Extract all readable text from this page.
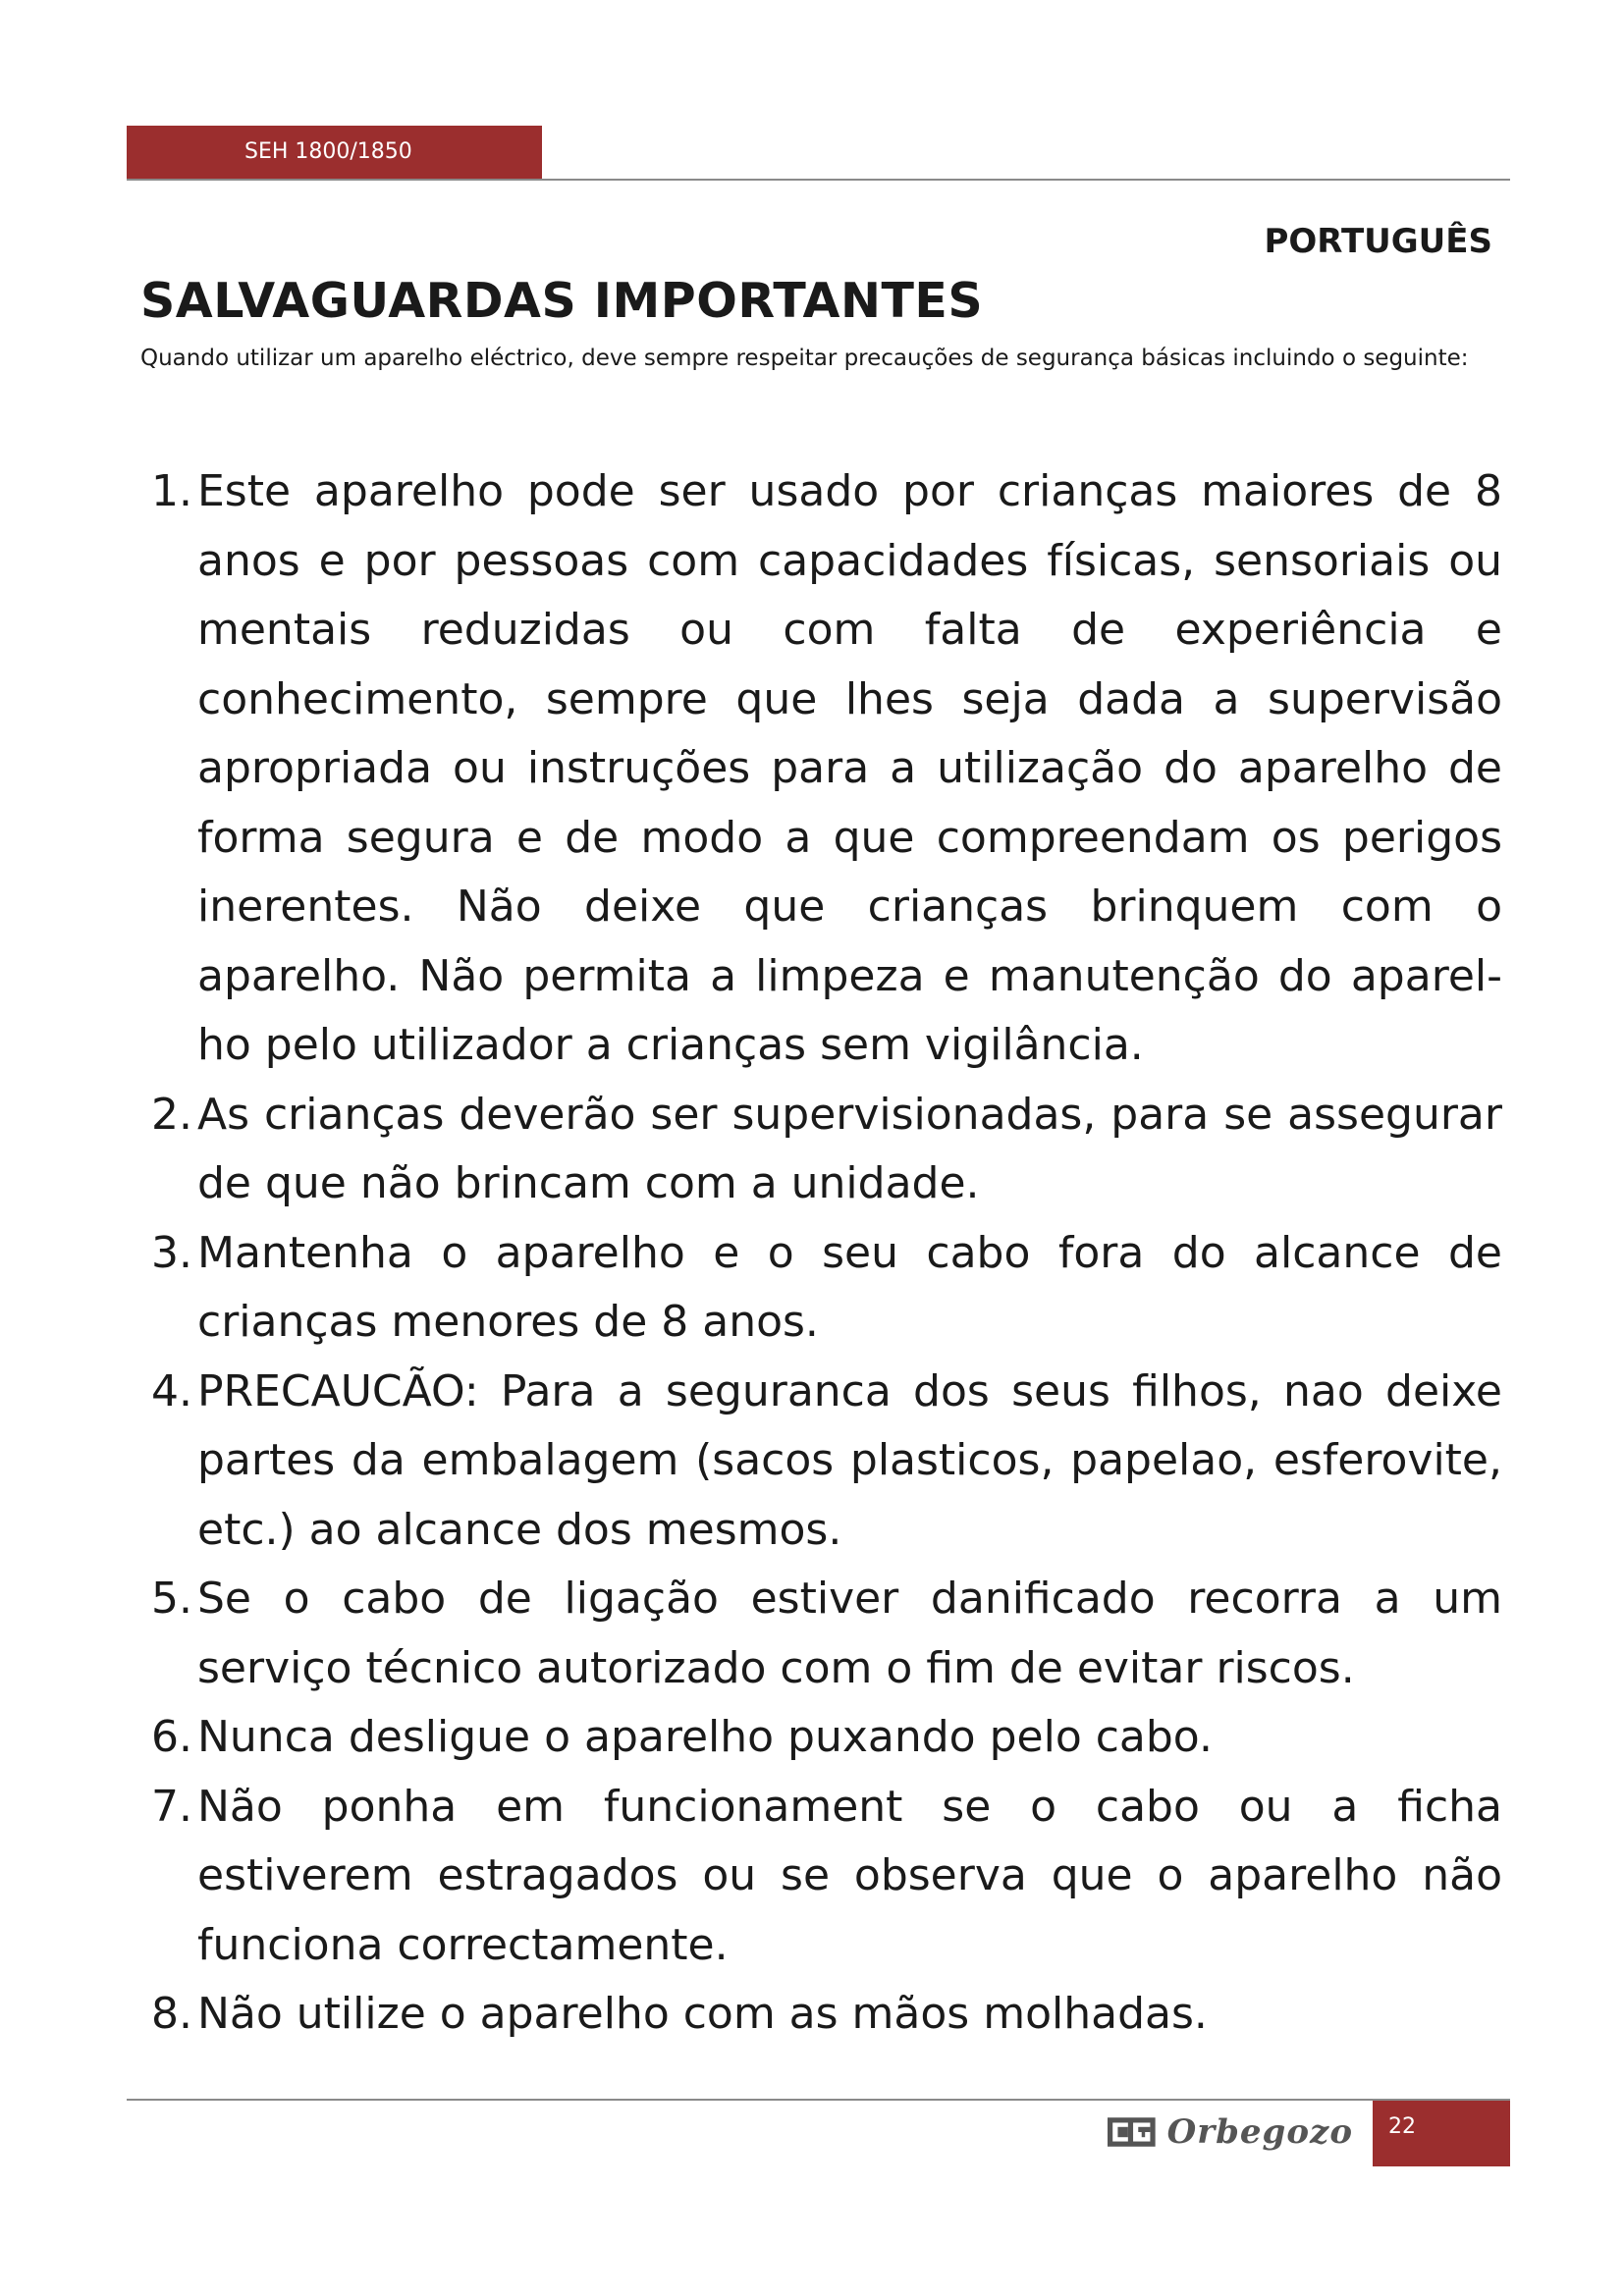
SEH 1800/1850
PORTUGUÊS
SALVAGUARDAS IMPORTANTES
Quando utilizar um aparelho eléctrico, deve sempre respeitar precauções de segurança básicas incluindo o seguinte:
1. Este aparelho pode ser usado por crianças maiores de 8 anos e por pessoas com capacidades físicas, sensoriais ou mentais reduzidas ou com falta de experiência e conhecimento, sempre que lhes seja dada a supervisão apropriada ou instruções para a utilização do aparelho de forma segura e de modo a que compreendam os perigos inerentes. Não deixe que crianças brinquem com o aparelho. Não permita a limpeza e manutenção do aparel-ho pelo utilizador a crianças sem vigilância.
2. As crianças deverão ser supervisionadas, para se assegurar de que não brincam com a unidade.
3. Mantenha o aparelho e o seu cabo fora do alcance de crianças menores de 8 anos.
4. PRECAUCÃO: Para a seguranca dos seus filhos, nao deixe partes da embalagem (sacos plasticos, papelao, esferovite, etc.) ao alcance dos mesmos.
5. Se o cabo de ligação estiver danificado recorra a um serviço técnico autorizado com o fim de evitar riscos.
6. Nunca desligue o aparelho puxando pelo cabo.
7. Não ponha em funcionament se o cabo ou a ficha estiverem estragados ou se observa que o aparelho não funciona correctamente.
8. Não utilize o aparelho com as mãos molhadas.
Orbegozo	22
